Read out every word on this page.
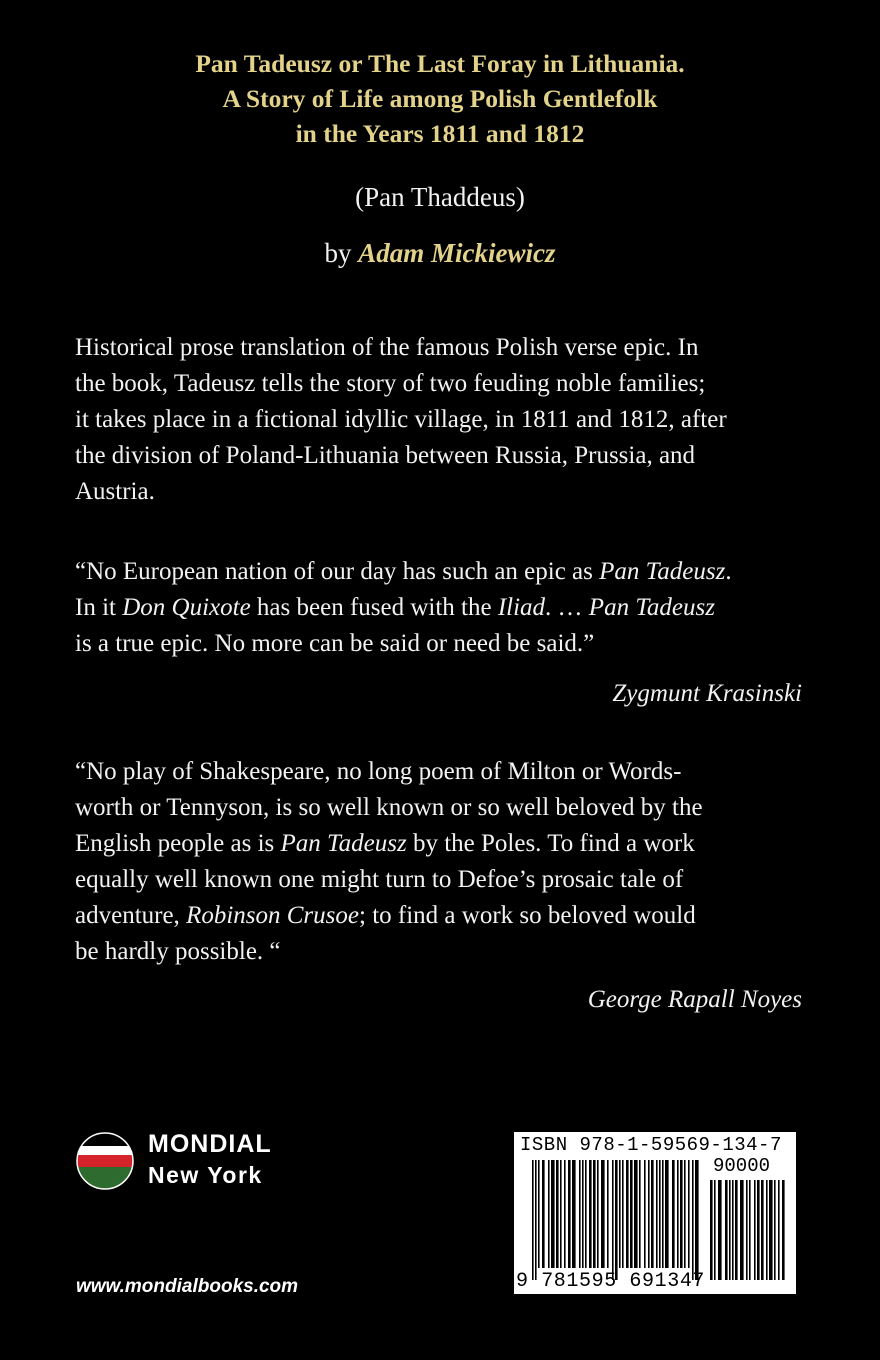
Pan Tadeusz or The Last Foray in Lithuania.
A Story of Life among Polish Gentlefolk
in the Years 1811 and 1812
(Pan Thaddeus)
by Adam Mickiewicz
Historical prose translation of the famous Polish verse epic. In
the book, Tadeusz tells the story of two feuding noble families;
it takes place in a fictional idyllic village, in 1811 and 1812, after
the division of Poland-Lithuania between Russia, Prussia, and
Austria.
“No European nation of our day has such an epic as Pan Tadeusz.
In it Don Quixote has been fused with the Iliad. … Pan Tadeusz
is a true epic. No more can be said or need be said.”
Zygmunt Krasinski
“No play of Shakespeare, no long poem of Milton or Words-
worth or Tennyson, is so well known or so well beloved by the
English people as is Pan Tadeusz by the Poles. To find a work
equally well known one might turn to Defoe’s prosaic tale of
adventure, Robinson Crusoe; to find a work so beloved would
be hardly possible. “
George Rapall Noyes
MONDIAL
New York
www.mondialbooks.com
ISBN 978-1-59569-134-7
90000
9 781595 691347
